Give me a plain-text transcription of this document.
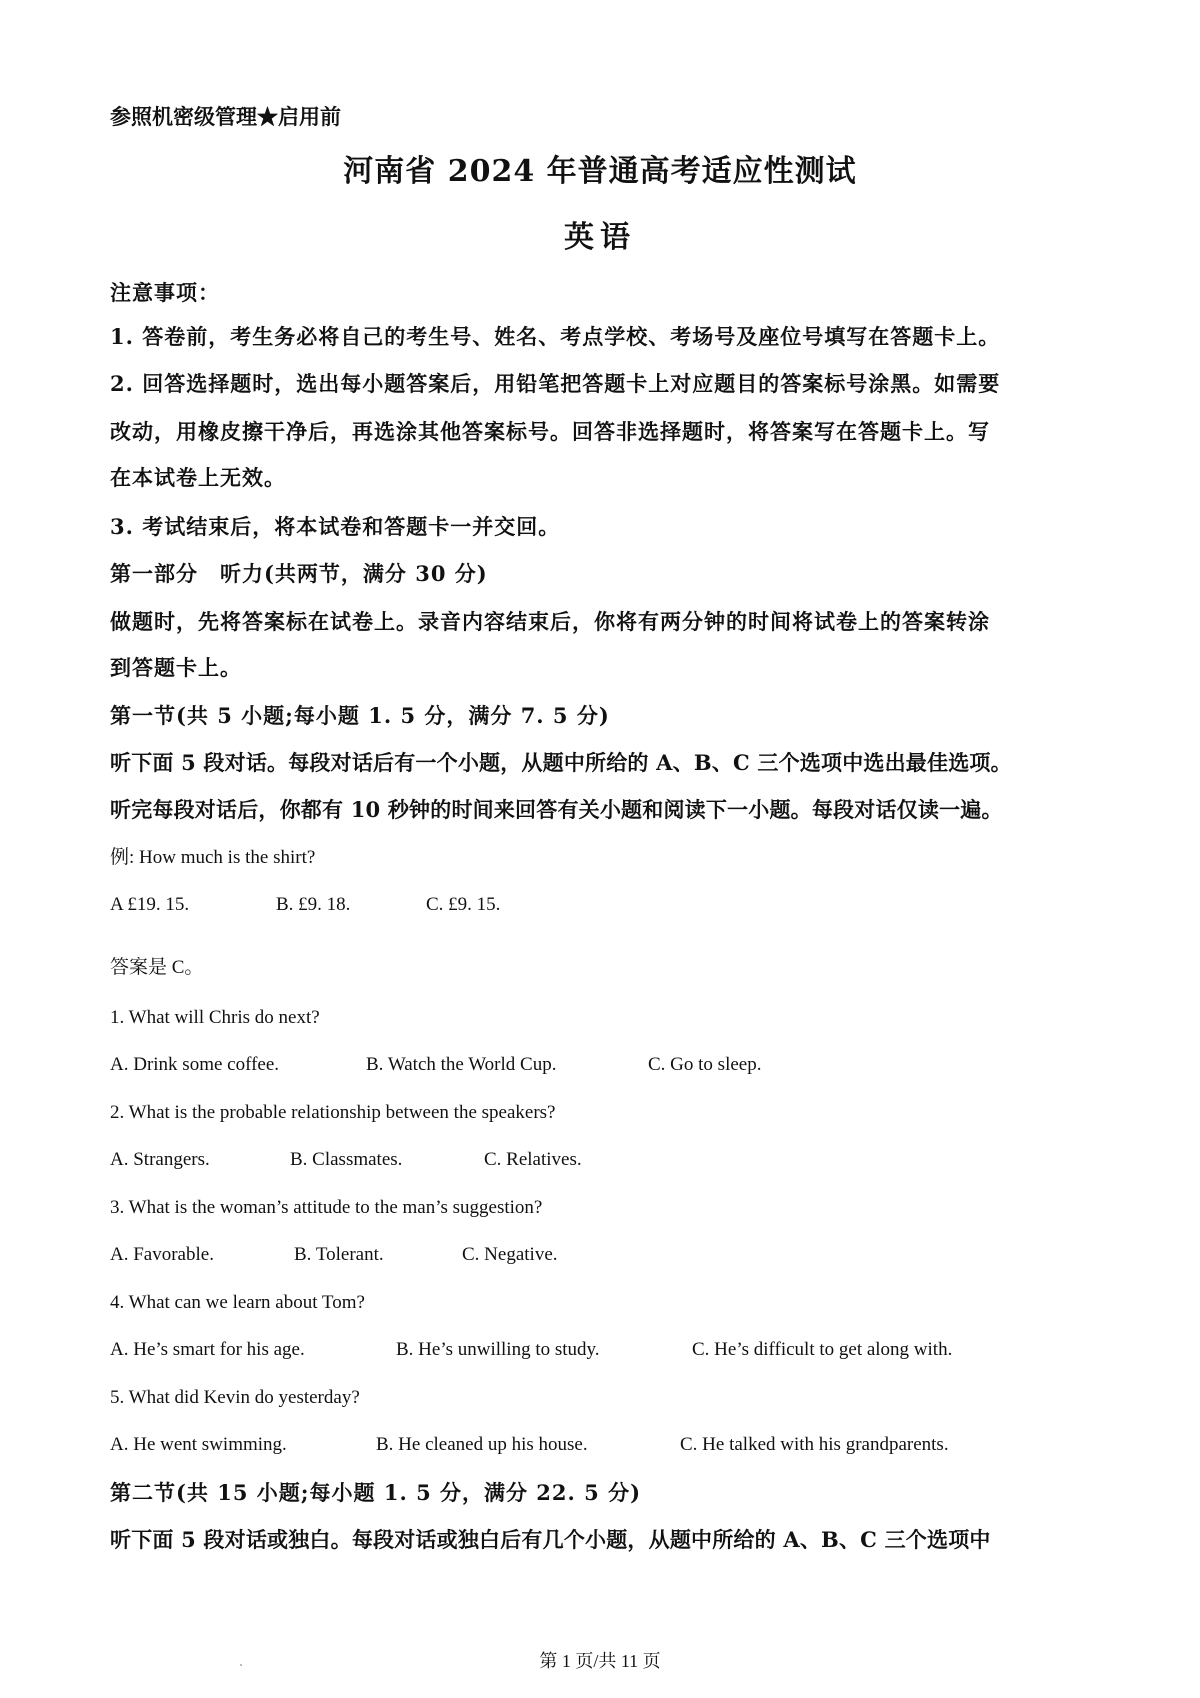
参照机密级管理★启用前
河南省 2024 年普通高考适应性测试
英语
注意事项：
1. 答卷前，考生务必将自己的考生号、姓名、考点学校、考场号及座位号填写在答题卡上。
2. 回答选择题时，选出每小题答案后，用铅笔把答题卡上对应题目的答案标号涂黑。如需要
改动，用橡皮擦干净后，再选涂其他答案标号。回答非选择题时，将答案写在答题卡上。写
在本试卷上无效。
3. 考试结束后，将本试卷和答题卡一并交回。
第一部分　听力(共两节，满分 30 分)
做题时，先将答案标在试卷上。录音内容结束后，你将有两分钟的时间将试卷上的答案转涂
到答题卡上。
第一节(共 5 小题;每小题 1. 5 分，满分 7. 5 分)
听下面 5 段对话。每段对话后有一个小题，从题中所给的 A、B、C 三个选项中选出最佳选项。
听完每段对话后，你都有 10 秒钟的时间来回答有关小题和阅读下一小题。每段对话仅读一遍。
例: How much is the shirt?
A £19. 15.	B. £9. 18.	C. £9. 15.
答案是 C。
1. What will Chris do next?
A. Drink some coffee.	B. Watch the World Cup.	C. Go to sleep.
2. What is the probable relationship between the speakers?
A. Strangers.	B. Classmates.	C. Relatives.
3. What is the woman’s attitude to the man’s suggestion?
A. Favorable.	B. Tolerant.	C. Negative.
4. What can we learn about Tom?
A. He’s smart for his age.	B. He’s unwilling to study.	C. He’s difficult to get along with.
5. What did Kevin do yesterday?
A. He went swimming.	B. He cleaned up his house.	C. He talked with his grandparents.
第二节(共 15 小题;每小题 1. 5 分，满分 22. 5 分)
听下面 5 段对话或独白。每段对话或独白后有几个小题，从题中所给的 A、B、C 三个选项中
第 1 页/共 11 页
